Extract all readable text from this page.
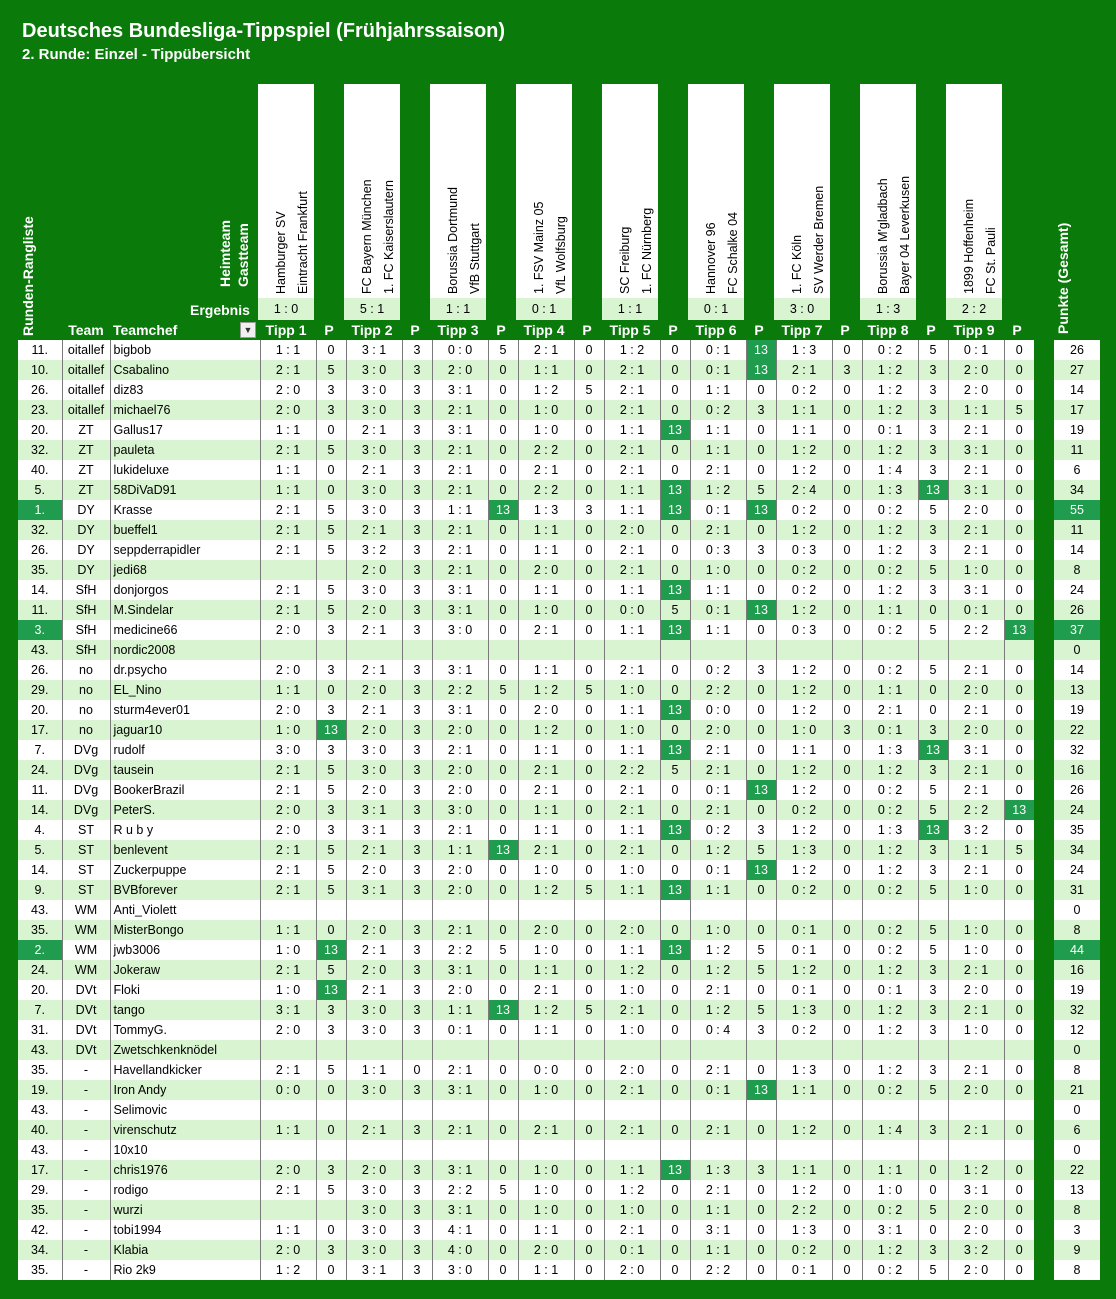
Deutsches Bundesliga-Tippspiel (Frühjahrssaison)
2. Runde: Einzel - Tippübersicht
Hamburger SV Eintracht Frankfurt
1 : 0
FC Bayern München 1. FC Kaiserslautern
5 : 1
Borussia Dortmund VfB Stuttgart
1 : 1
1. FSV Mainz 05 VfL Wolfsburg
0 : 1
SC Freiburg 1. FC Nürnberg
1 : 1
Hannover 96 FC Schalke 04
0 : 1
1. FC Köln SV Werder Bremen
3 : 0
Borussia M'gladbach Bayer 04 Leverkusen
1 : 3
1899 Hoffenheim FC St. Pauli
2 : 2
Heimteam Gastteam
Ergebnis
Runden-Rangliste	Punkte (Gesamt)
Team Teamchef	▼ Tipp 1	P	Tipp 2	P	Tipp 3	P	Tipp 4	P	Tipp 5	P	Tipp 6	P	Tipp 7	P	Tipp 8	P	Tipp 9	P
11.	oitallef	bigbob	1 : 1	0	3 : 1	3	0 : 0	5	2 : 1	0	1 : 2	0	0 : 1	13	1 : 3	0	0 : 2	5	0 : 1	0		26
10.	oitallef	Csabalino	2 : 1	5	3 : 0	3	2 : 0	0	1 : 1	0	2 : 1	0	0 : 1	13	2 : 1	3	1 : 2	3	2 : 0	0		27
26.	oitallef	diz83	2 : 0	3	3 : 0	3	3 : 1	0	1 : 2	5	2 : 1	0	1 : 1	0	0 : 2	0	1 : 2	3	2 : 0	0		14
23.	oitallef	michael76	2 : 0	3	3 : 0	3	2 : 1	0	1 : 0	0	2 : 1	0	0 : 2	3	1 : 1	0	1 : 2	3	1 : 1	5		17
20.	ZT	Gallus17	1 : 1	0	2 : 1	3	3 : 1	0	1 : 0	0	1 : 1	13	1 : 1	0	1 : 1	0	0 : 1	3	2 : 1	0		19
32.	ZT	pauleta	2 : 1	5	3 : 0	3	2 : 1	0	2 : 2	0	2 : 1	0	1 : 1	0	1 : 2	0	1 : 2	3	3 : 1	0		11
40.	ZT	lukideluxe	1 : 1	0	2 : 1	3	2 : 1	0	2 : 1	0	2 : 1	0	2 : 1	0	1 : 2	0	1 : 4	3	2 : 1	0		6
5.	ZT	58DiVaD91	1 : 1	0	3 : 0	3	2 : 1	0	2 : 2	0	1 : 1	13	1 : 2	5	2 : 4	0	1 : 3	13	3 : 1	0		34
1.	DY	Krasse	2 : 1	5	3 : 0	3	1 : 1	13	1 : 3	3	1 : 1	13	0 : 1	13	0 : 2	0	0 : 2	5	2 : 0	0		55
32.	DY	bueffel1	2 : 1	5	2 : 1	3	2 : 1	0	1 : 1	0	2 : 0	0	2 : 1	0	1 : 2	0	1 : 2	3	2 : 1	0		11
26.	DY	seppderrapidler	2 : 1	5	3 : 2	3	2 : 1	0	1 : 1	0	2 : 1	0	0 : 3	3	0 : 3	0	1 : 2	3	2 : 1	0		14
35.	DY	jedi68			2 : 0	3	2 : 1	0	2 : 0	0	2 : 1	0	1 : 0	0	0 : 2	0	0 : 2	5	1 : 0	0		8
14.	SfH	donjorgos	2 : 1	5	3 : 0	3	3 : 1	0	1 : 1	0	1 : 1	13	1 : 1	0	0 : 2	0	1 : 2	3	3 : 1	0		24
11.	SfH	M.Sindelar	2 : 1	5	2 : 0	3	3 : 1	0	1 : 0	0	0 : 0	5	0 : 1	13	1 : 2	0	1 : 1	0	0 : 1	0		26
3.	SfH	medicine66	2 : 0	3	2 : 1	3	3 : 0	0	2 : 1	0	1 : 1	13	1 : 1	0	0 : 3	0	0 : 2	5	2 : 2	13		37
43.	SfH	nordic2008																				0
26.	no	dr.psycho	2 : 0	3	2 : 1	3	3 : 1	0	1 : 1	0	2 : 1	0	0 : 2	3	1 : 2	0	0 : 2	5	2 : 1	0		14
29.	no	EL_Nino	1 : 1	0	2 : 0	3	2 : 2	5	1 : 2	5	1 : 0	0	2 : 2	0	1 : 2	0	1 : 1	0	2 : 0	0		13
20.	no	sturm4ever01	2 : 0	3	2 : 1	3	3 : 1	0	2 : 0	0	1 : 1	13	0 : 0	0	1 : 2	0	2 : 1	0	2 : 1	0		19
17.	no	jaguar10	1 : 0	13	2 : 0	3	2 : 0	0	1 : 2	0	1 : 0	0	2 : 0	0	1 : 0	3	0 : 1	3	2 : 0	0		22
7.	DVg	rudolf	3 : 0	3	3 : 0	3	2 : 1	0	1 : 1	0	1 : 1	13	2 : 1	0	1 : 1	0	1 : 3	13	3 : 1	0		32
24.	DVg	tausein	2 : 1	5	3 : 0	3	2 : 0	0	2 : 1	0	2 : 2	5	2 : 1	0	1 : 2	0	1 : 2	3	2 : 1	0		16
11.	DVg	BookerBrazil	2 : 1	5	2 : 0	3	2 : 0	0	2 : 1	0	2 : 1	0	0 : 1	13	1 : 2	0	0 : 2	5	2 : 1	0		26
14.	DVg	PeterS.	2 : 0	3	3 : 1	3	3 : 0	0	1 : 1	0	2 : 1	0	2 : 1	0	0 : 2	0	0 : 2	5	2 : 2	13		24
4.	ST	R u b y	2 : 0	3	3 : 1	3	2 : 1	0	1 : 1	0	1 : 1	13	0 : 2	3	1 : 2	0	1 : 3	13	3 : 2	0		35
5.	ST	benlevent	2 : 1	5	2 : 1	3	1 : 1	13	2 : 1	0	2 : 1	0	1 : 2	5	1 : 3	0	1 : 2	3	1 : 1	5		34
14.	ST	Zuckerpuppe	2 : 1	5	2 : 0	3	2 : 0	0	1 : 0	0	1 : 0	0	0 : 1	13	1 : 2	0	1 : 2	3	2 : 1	0		24
9.	ST	BVBforever	2 : 1	5	3 : 1	3	2 : 0	0	1 : 2	5	1 : 1	13	1 : 1	0	0 : 2	0	0 : 2	5	1 : 0	0		31
43.	WM	Anti_Violett																				0
35.	WM	MisterBongo	1 : 1	0	2 : 0	3	2 : 1	0	2 : 0	0	2 : 0	0	1 : 0	0	0 : 1	0	0 : 2	5	1 : 0	0		8
2.	WM	jwb3006	1 : 0	13	2 : 1	3	2 : 2	5	1 : 0	0	1 : 1	13	1 : 2	5	0 : 1	0	0 : 2	5	1 : 0	0		44
24.	WM	Jokeraw	2 : 1	5	2 : 0	3	3 : 1	0	1 : 1	0	1 : 2	0	1 : 2	5	1 : 2	0	1 : 2	3	2 : 1	0		16
20.	DVt	Floki	1 : 0	13	2 : 1	3	2 : 0	0	2 : 1	0	1 : 0	0	2 : 1	0	0 : 1	0	0 : 1	3	2 : 0	0		19
7.	DVt	tango	3 : 1	3	3 : 0	3	1 : 1	13	1 : 2	5	2 : 1	0	1 : 2	5	1 : 3	0	1 : 2	3	2 : 1	0		32
31.	DVt	TommyG.	2 : 0	3	3 : 0	3	0 : 1	0	1 : 1	0	1 : 0	0	0 : 4	3	0 : 2	0	1 : 2	3	1 : 0	0		12
43.	DVt	Zwetschkenknödel																				0
35.	-	Havellandkicker	2 : 1	5	1 : 1	0	2 : 1	0	0 : 0	0	2 : 0	0	2 : 1	0	1 : 3	0	1 : 2	3	2 : 1	0		8
19.	-	Iron Andy	0 : 0	0	3 : 0	3	3 : 1	0	1 : 0	0	2 : 1	0	0 : 1	13	1 : 1	0	0 : 2	5	2 : 0	0		21
43.	-	Selimovic																				0
40.	-	virenschutz	1 : 1	0	2 : 1	3	2 : 1	0	2 : 1	0	2 : 1	0	2 : 1	0	1 : 2	0	1 : 4	3	2 : 1	0		6
43.	-	10x10																				0
17.	-	chris1976	2 : 0	3	2 : 0	3	3 : 1	0	1 : 0	0	1 : 1	13	1 : 3	3	1 : 1	0	1 : 1	0	1 : 2	0		22
29.	-	rodigo	2 : 1	5	3 : 0	3	2 : 2	5	1 : 0	0	1 : 2	0	2 : 1	0	1 : 2	0	1 : 0	0	3 : 1	0		13
35.	-	wurzi			3 : 0	3	3 : 1	0	1 : 0	0	1 : 0	0	1 : 1	0	2 : 2	0	0 : 2	5	2 : 0	0		8
42.	-	tobi1994	1 : 1	0	3 : 0	3	4 : 1	0	1 : 1	0	2 : 1	0	3 : 1	0	1 : 3	0	3 : 1	0	2 : 0	0		3
34.	-	Klabia	2 : 0	3	3 : 0	3	4 : 0	0	2 : 0	0	0 : 1	0	1 : 1	0	0 : 2	0	1 : 2	3	3 : 2	0		9
35.	-	Rio 2k9	1 : 2	0	3 : 1	3	3 : 0	0	1 : 1	0	2 : 0	0	2 : 2	0	0 : 1	0	0 : 2	5	2 : 0	0		8
